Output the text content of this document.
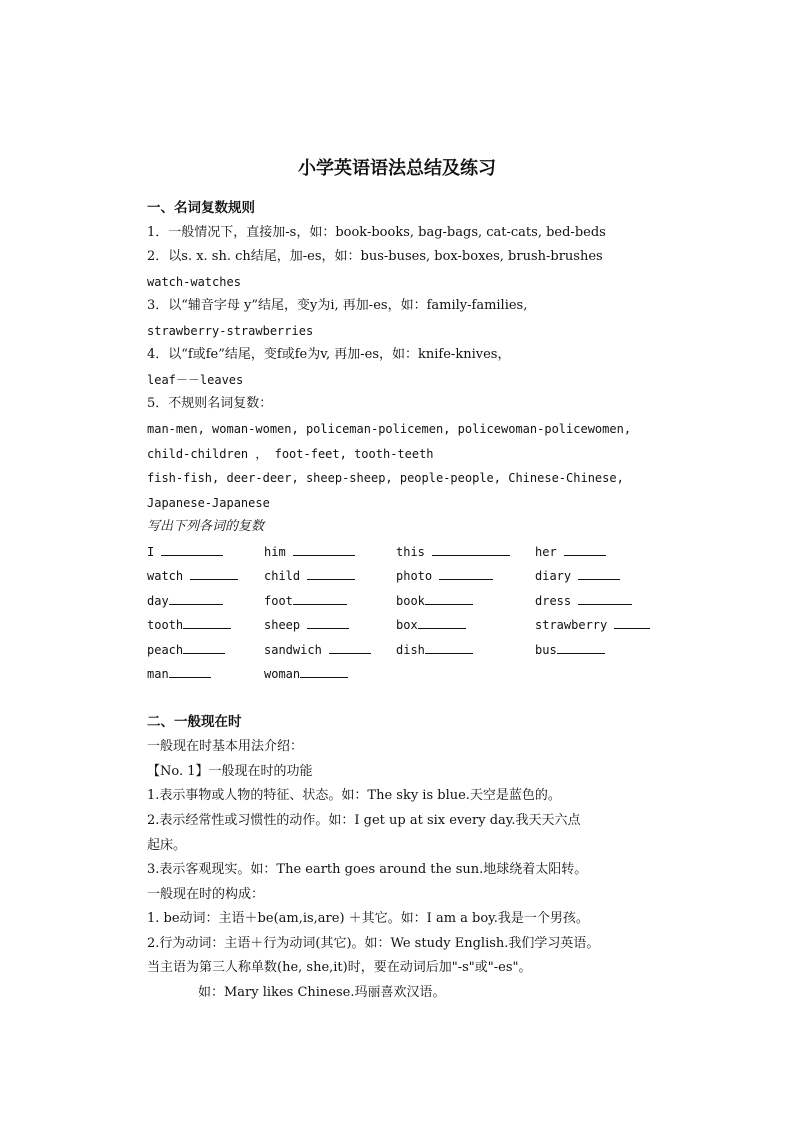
小学英语语法总结及练习
一、名词复数规则
1．一般情况下，直接加-s，如：book-books, bag-bags, cat-cats, bed-beds
2．以s. x. sh. ch结尾，加-es，如：bus-buses, box-boxes, brush-brushes
watch-watches
3．以“辅音字母 y”结尾，变y为i, 再加-es，如：family-families,
strawberry-strawberries
4．以“f或fe”结尾，变f或fe为v, 再加-es，如：knife-knives，
leaf－－leaves
5．不规则名词复数：
man-men, woman-women, policeman-policemen, policewoman-policewomen,
child-children ， foot-feet, tooth-teeth
fish-fish, deer-deer, sheep-sheep, people-people, Chinese-Chinese,
Japanese-Japanese
写出下列各词的复数
I	him	this	her
watch	child	photo	diary
day	foot	book	dress
tooth	sheep	box	strawberry
peach	sandwich	dish	bus
man	woman
二、一般现在时
一般现在时基本用法介绍：
【No. 1】一般现在时的功能
1.表示事物或人物的特征、状态。如：The sky is blue.天空是蓝色的。
2.表示经常性或习惯性的动作。如：I get up at six every day.我天天六点
起床。
3.表示客观现实。如：The earth goes around the sun.地球绕着太阳转。
一般现在时的构成：
1. be动词：主语＋be(am,is,are) ＋其它。如：I am a boy.我是一个男孩。
2.行为动词：主语＋行为动词(其它)。如：We study English.我们学习英语。
当主语为第三人称单数(he, she,it)时，要在动词后加"-s"或"-es"。
如：Mary likes Chinese.玛丽喜欢汉语。
